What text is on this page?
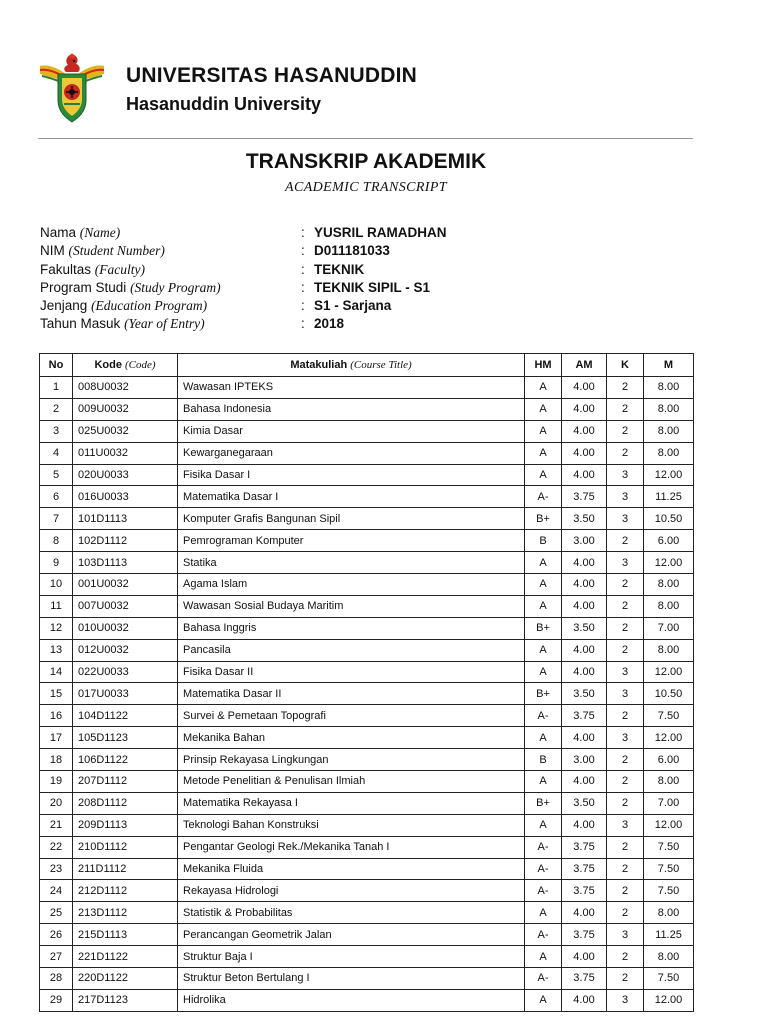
UNIVERSITAS HASANUDDIN
Hasanuddin University
TRANSKRIP AKADEMIK
ACADEMIC TRANSCRIPT
Nama (Name)	: YUSRIL RAMADHAN
NIM (Student Number)	: D011181033
Fakultas (Faculty)	: TEKNIK
Program Studi (Study Program)	: TEKNIK SIPIL - S1
Jenjang (Education Program)	: S1 - Sarjana
Tahun Masuk (Year of Entry)	: 2018
No	Kode (Code)	Matakuliah (Course Title)	HM	AM	K	M
1	008U0032	Wawasan IPTEKS	A	4.00	2	8.00
2	009U0032	Bahasa Indonesia	A	4.00	2	8.00
3	025U0032	Kimia Dasar	A	4.00	2	8.00
4	011U0032	Kewarganegaraan	A	4.00	2	8.00
5	020U0033	Fisika Dasar I	A	4.00	3	12.00
6	016U0033	Matematika Dasar I	A-	3.75	3	11.25
7	101D1113	Komputer Grafis Bangunan Sipil	B+	3.50	3	10.50
8	102D1112	Pemrograman Komputer	B	3.00	2	6.00
9	103D1113	Statika	A	4.00	3	12.00
10	001U0032	Agama Islam	A	4.00	2	8.00
11	007U0032	Wawasan Sosial Budaya Maritim	A	4.00	2	8.00
12	010U0032	Bahasa Inggris	B+	3.50	2	7.00
13	012U0032	Pancasila	A	4.00	2	8.00
14	022U0033	Fisika Dasar II	A	4.00	3	12.00
15	017U0033	Matematika Dasar II	B+	3.50	3	10.50
16	104D1122	Survei & Pemetaan Topografi	A-	3.75	2	7.50
17	105D1123	Mekanika Bahan	A	4.00	3	12.00
18	106D1122	Prinsip Rekayasa Lingkungan	B	3.00	2	6.00
19	207D1112	Metode Penelitian & Penulisan Ilmiah	A	4.00	2	8.00
20	208D1112	Matematika Rekayasa I	B+	3.50	2	7.00
21	209D1113	Teknologi Bahan Konstruksi	A	4.00	3	12.00
22	210D1112	Pengantar Geologi Rek./Mekanika Tanah I	A-	3.75	2	7.50
23	211D1112	Mekanika Fluida	A-	3.75	2	7.50
24	212D1112	Rekayasa Hidrologi	A-	3.75	2	7.50
25	213D1112	Statistik & Probabilitas	A	4.00	2	8.00
26	215D1113	Perancangan Geometrik Jalan	A-	3.75	3	11.25
27	221D1122	Struktur Baja I	A	4.00	2	8.00
28	220D1122	Struktur Beton Bertulang I	A-	3.75	2	7.50
29	217D1123	Hidrolika	A	4.00	3	12.00
